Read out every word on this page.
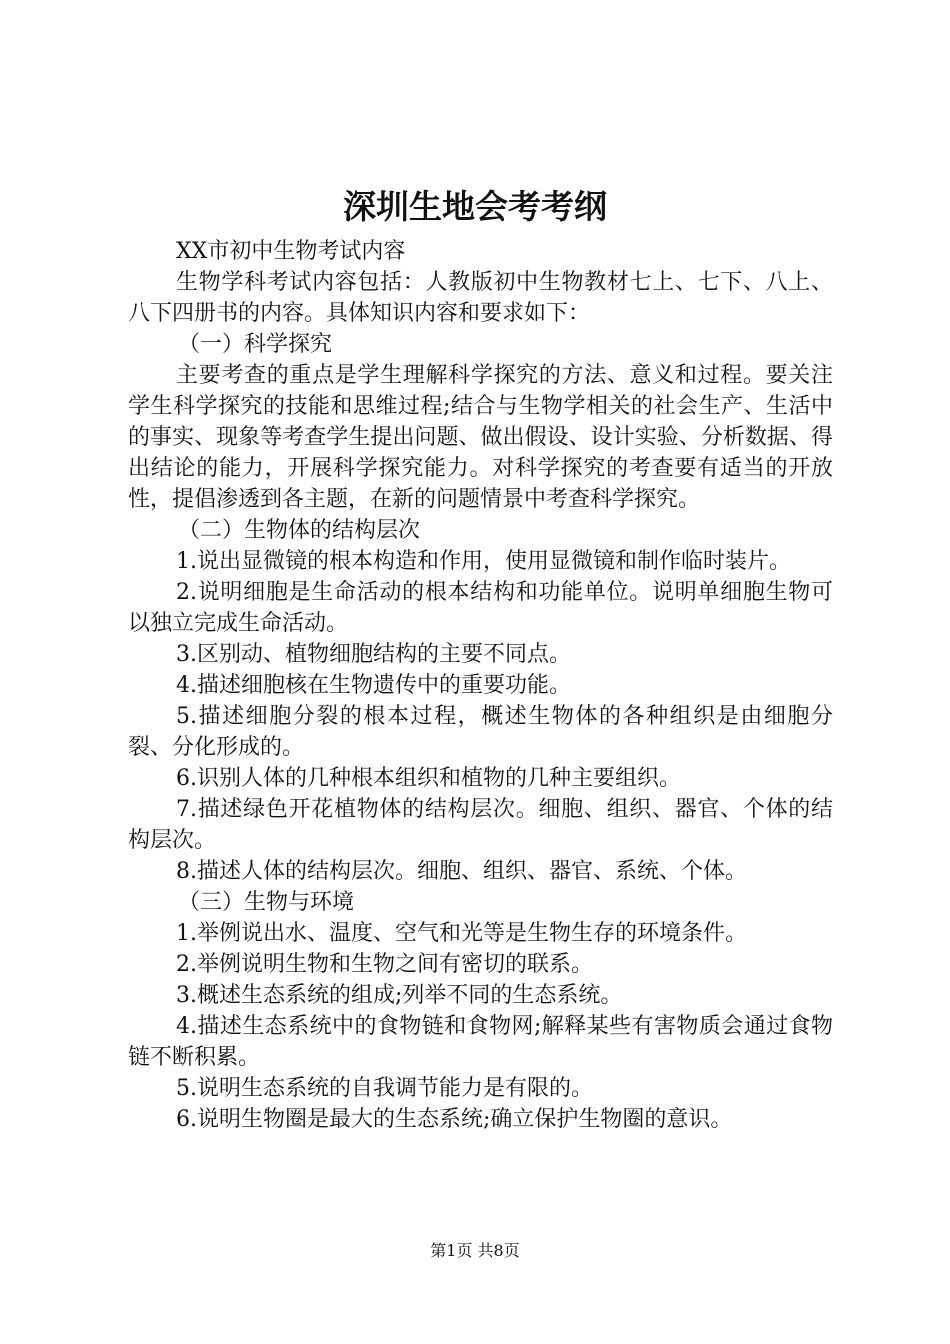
深圳生地会考考纲

XX市初中生物考试内容

生物学科考试内容包括：人教版初中生物教材七上、七下、八上、八下四册书的内容。具体知识内容和要求如下：

（一）科学探究

主要考查的重点是学生理解科学探究的方法、意义和过程。要关注学生科学探究的技能和思维过程;结合与生物学相关的社会生产、生活中的事实、现象等考查学生提出问题、做出假设、设计实验、分析数据、得出结论的能力，开展科学探究能力。对科学探究的考查要有适当的开放性，提倡渗透到各主题，在新的问题情景中考查科学探究。

（二）生物体的结构层次

1.说出显微镜的根本构造和作用，使用显微镜和制作临时装片。

2.说明细胞是生命活动的根本结构和功能单位。说明单细胞生物可以独立完成生命活动。

3.区别动、植物细胞结构的主要不同点。

4.描述细胞核在生物遗传中的重要功能。

5.描述细胞分裂的根本过程，概述生物体的各种组织是由细胞分裂、分化形成的。

6.识别人体的几种根本组织和植物的几种主要组织。

7.描述绿色开花植物体的结构层次。细胞、组织、器官、个体的结构层次。

8.描述人体的结构层次。细胞、组织、器官、系统、个体。

（三）生物与环境

1.举例说出水、温度、空气和光等是生物生存的环境条件。

2.举例说明生物和生物之间有密切的联系。

3.概述生态系统的组成;列举不同的生态系统。

4.描述生态系统中的食物链和食物网;解释某些有害物质会通过食物链不断积累。

5.说明生态系统的自我调节能力是有限的。

6.说明生物圈是最大的生态系统;确立保护生物圈的意识。

第1页 共8页
